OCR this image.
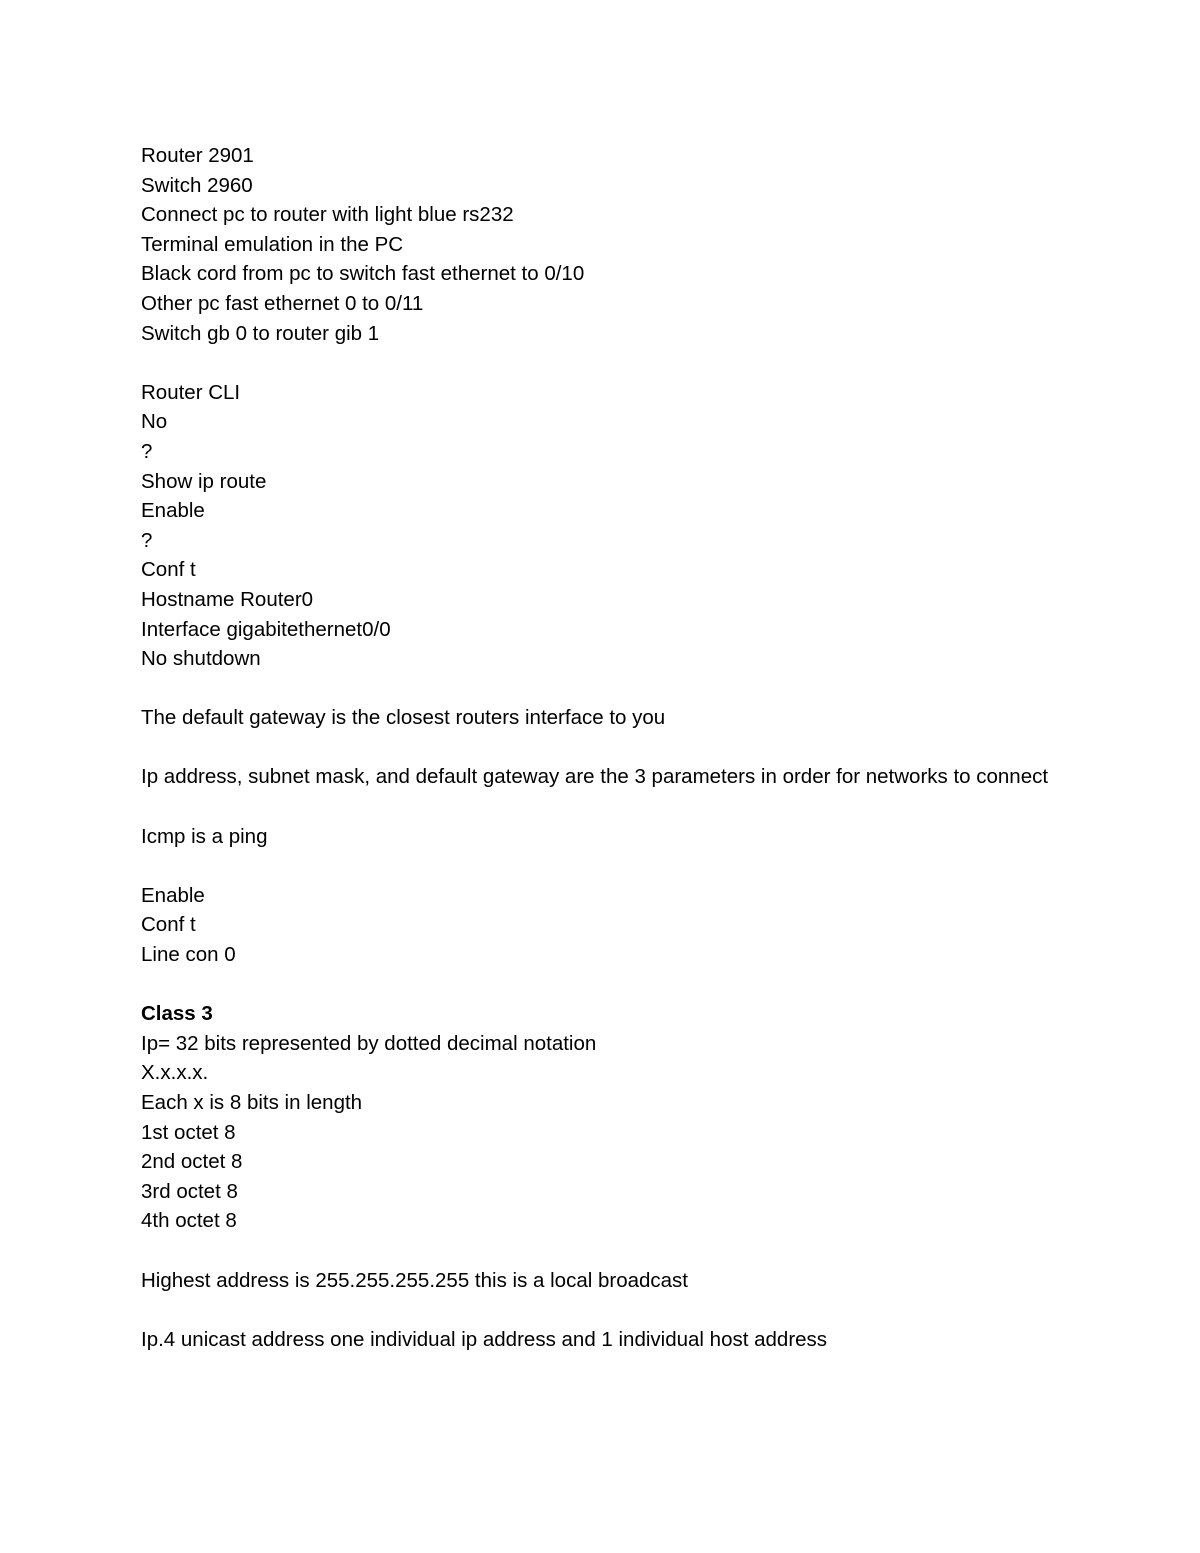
Router 2901

Switch 2960

Connect pc to router with light blue rs232

Terminal emulation in the PC

Black cord from pc to switch fast ethernet to 0/10

Other pc fast ethernet 0 to 0/11

Switch gb 0 to router gib 1

Router CLI

No

?

Show ip route

Enable

?

Conf t

Hostname Router0

Interface gigabitethernet0/0

No shutdown

The default gateway is the closest routers interface to you

Ip address, subnet mask, and default gateway are the 3 parameters in order for networks to connect

Icmp is a ping

Enable

Conf t

Line con 0

Class 3

Ip= 32 bits represented by dotted decimal notation

X.x.x.x.

Each x is 8 bits in length

1st octet 8

2nd octet 8

3rd octet 8

4th octet 8

Highest address is 255.255.255.255 this is a local broadcast

Ip.4 unicast address one individual ip address and 1 individual host address
